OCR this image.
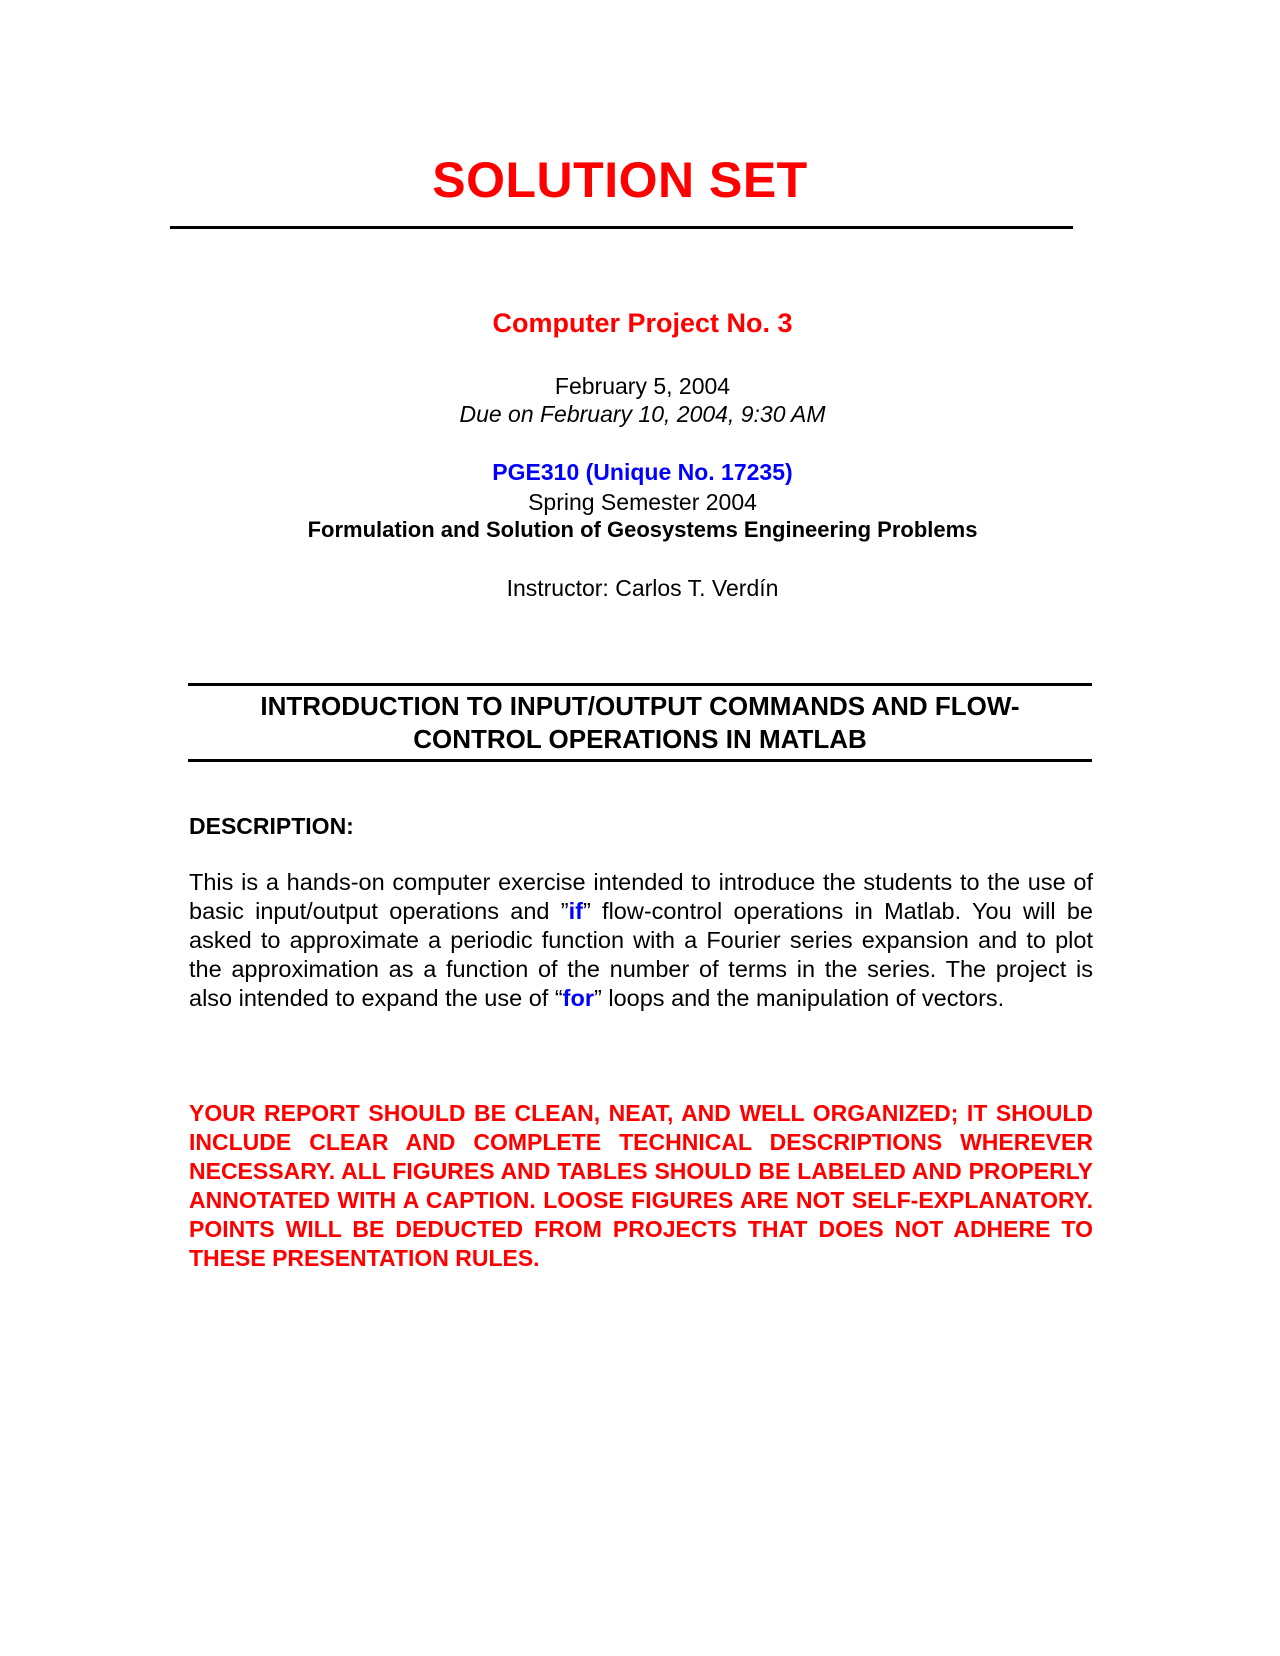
SOLUTION SET
Computer Project No. 3
February 5, 2004
Due on February 10, 2004, 9:30 AM
PGE310 (Unique No. 17235)
Spring Semester 2004
Formulation and Solution of Geosystems Engineering Problems
Instructor: Carlos T. Verdín
INTRODUCTION TO INPUT/OUTPUT COMMANDS AND FLOW-
CONTROL OPERATIONS IN MATLAB
DESCRIPTION:
This is a hands-on computer exercise intended to introduce the students to the use of basic input/output operations and ”if” flow-control operations in Matlab. You will be asked to approximate a periodic function with a Fourier series expansion and to plot the approximation as a function of the number of terms in the series. The project is also intended to expand the use of “for” loops and the manipulation of vectors.
YOUR REPORT SHOULD BE CLEAN, NEAT, AND WELL ORGANIZED; IT SHOULD INCLUDE CLEAR AND COMPLETE TECHNICAL DESCRIPTIONS WHEREVER NECESSARY. ALL FIGURES AND TABLES SHOULD BE LABELED AND PROPERLY ANNOTATED WITH A CAPTION. LOOSE FIGURES ARE NOT SELF-EXPLANATORY. POINTS WILL BE DEDUCTED FROM PROJECTS THAT DOES NOT ADHERE TO THESE PRESENTATION RULES.
